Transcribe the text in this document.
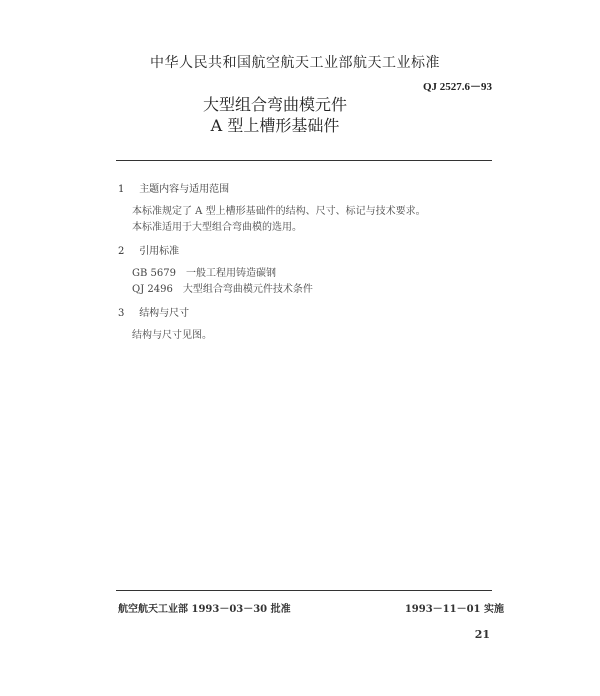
中华人民共和国航空航天工业部航天工业标准
QJ 2527.6－93
大型组合弯曲模元件
A 型上槽形基础件
1 主题内容与适用范围
本标准规定了 A 型上槽形基础件的结构、尺寸、标记与技术要求。
本标准适用于大型组合弯曲模的选用。
2 引用标准
GB 5679　一般工程用铸造碳钢
QJ 2496　大型组合弯曲模元件技术条件
3 结构与尺寸
结构与尺寸见图。
航空航天工业部 1993－03－30 批准	1993－11－01 实施
21
